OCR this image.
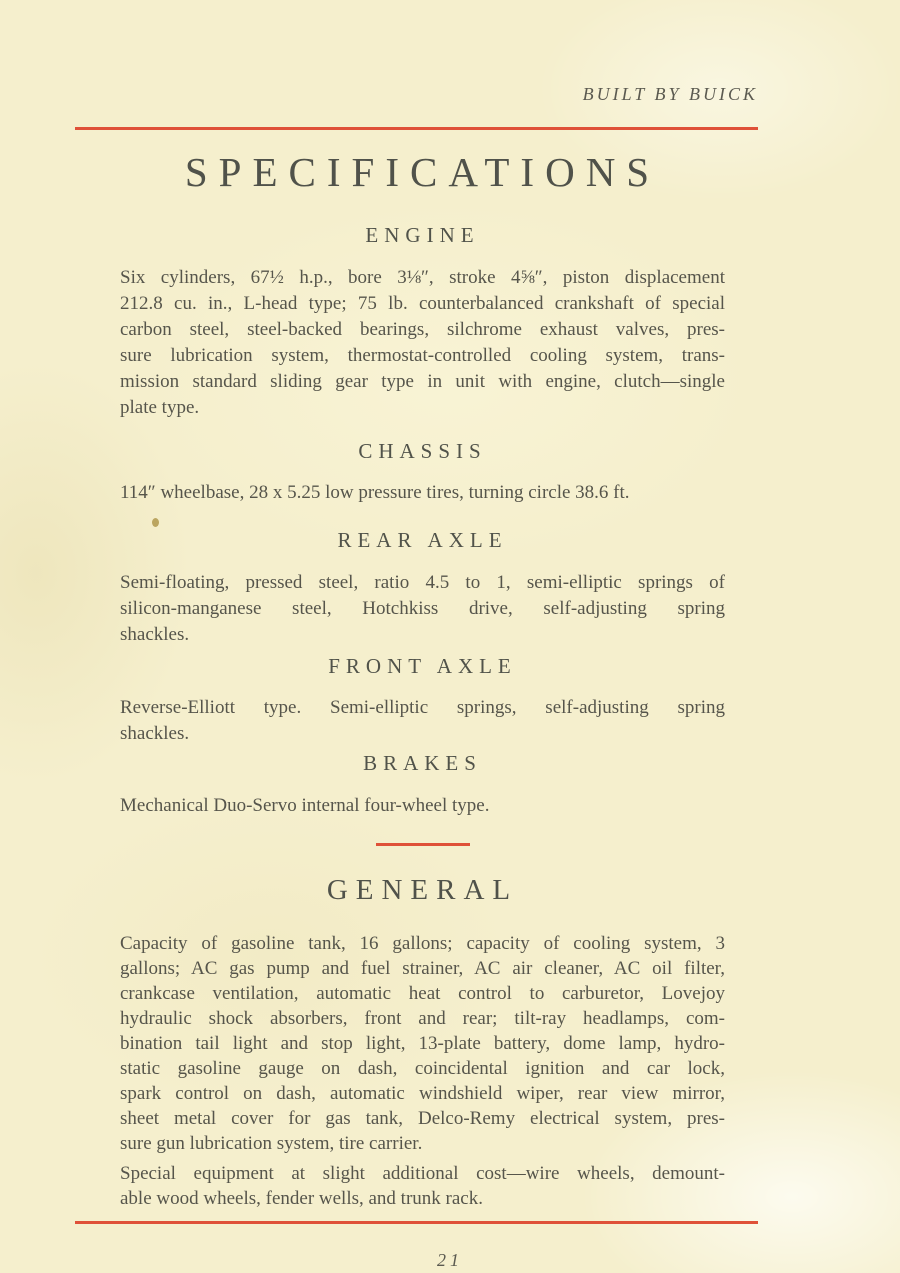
BUILT BY BUICK
SPECIFICATIONS
ENGINE
Six cylinders, 67½ h.p., bore 3⅛″, stroke 4⅝″, piston displacement
212.8 cu. in., L-head type; 75 lb. counterbalanced crankshaft of special
carbon steel, steel-backed bearings, silchrome exhaust valves, pres-
sure lubrication system, thermostat-controlled cooling system, trans-
mission standard sliding gear type in unit with engine, clutch—single
plate type.
CHASSIS
114″ wheelbase, 28 x 5.25 low pressure tires, turning circle 38.6 ft.
REAR AXLE
Semi-floating, pressed steel, ratio 4.5 to 1, semi-elliptic springs of
silicon-manganese steel, Hotchkiss drive, self-adjusting spring
shackles.
FRONT AXLE
Reverse-Elliott type. Semi-elliptic springs, self-adjusting spring
shackles.
BRAKES
Mechanical Duo-Servo internal four-wheel type.
GENERAL
Capacity of gasoline tank, 16 gallons; capacity of cooling system, 3
gallons; AC gas pump and fuel strainer, AC air cleaner, AC oil filter,
crankcase ventilation, automatic heat control to carburetor, Lovejoy
hydraulic shock absorbers, front and rear; tilt-ray headlamps, com-
bination tail light and stop light, 13-plate battery, dome lamp, hydro-
static gasoline gauge on dash, coincidental ignition and car lock,
spark control on dash, automatic windshield wiper, rear view mirror,
sheet metal cover for gas tank, Delco-Remy electrical system, pres-
sure gun lubrication system, tire carrier.
Special equipment at slight additional cost—wire wheels, demount-
able wood wheels, fender wells, and trunk rack.
21
